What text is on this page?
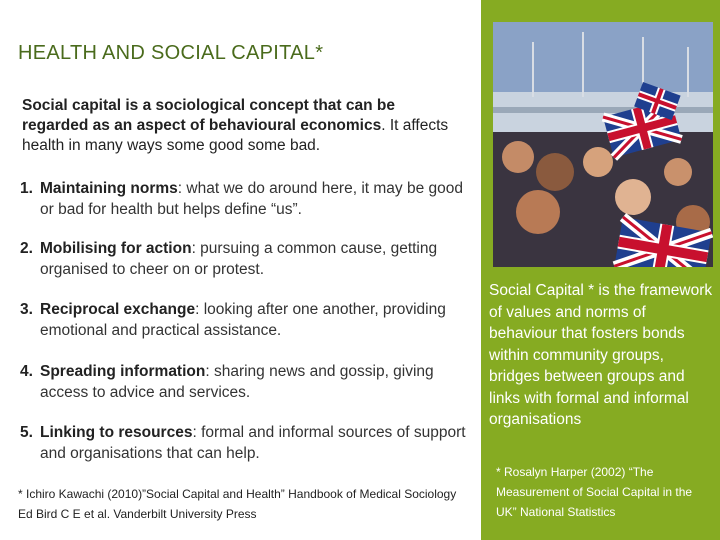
HEALTH AND SOCIAL CAPITAL*
Social capital is a sociological concept that can be regarded as an aspect of behavioural economics. It affects health in many ways some good some bad.
1. Maintaining norms: what we do around here, it may be good or bad for health but helps define “us”.
2. Mobilising for action: pursuing a common cause, getting organised to cheer on or protest.
3. Reciprocal exchange: looking after one another, providing emotional and practical assistance.
4. Spreading information: sharing news and gossip, giving access to advice and services.
5. Linking to resources: formal and informal sources of support and organisations that can help.
* Ichiro Kawachi (2010)”Social Capital and Health” Handbook of Medical Sociology Ed Bird C E et al. Vanderbilt University Press
Social Capital * is the framework of values and norms of behaviour that fosters bonds within community groups, bridges between groups and links with formal and informal organisations
* Rosalyn Harper (2002) “The Measurement of Social Capital in the UK” National Statistics
